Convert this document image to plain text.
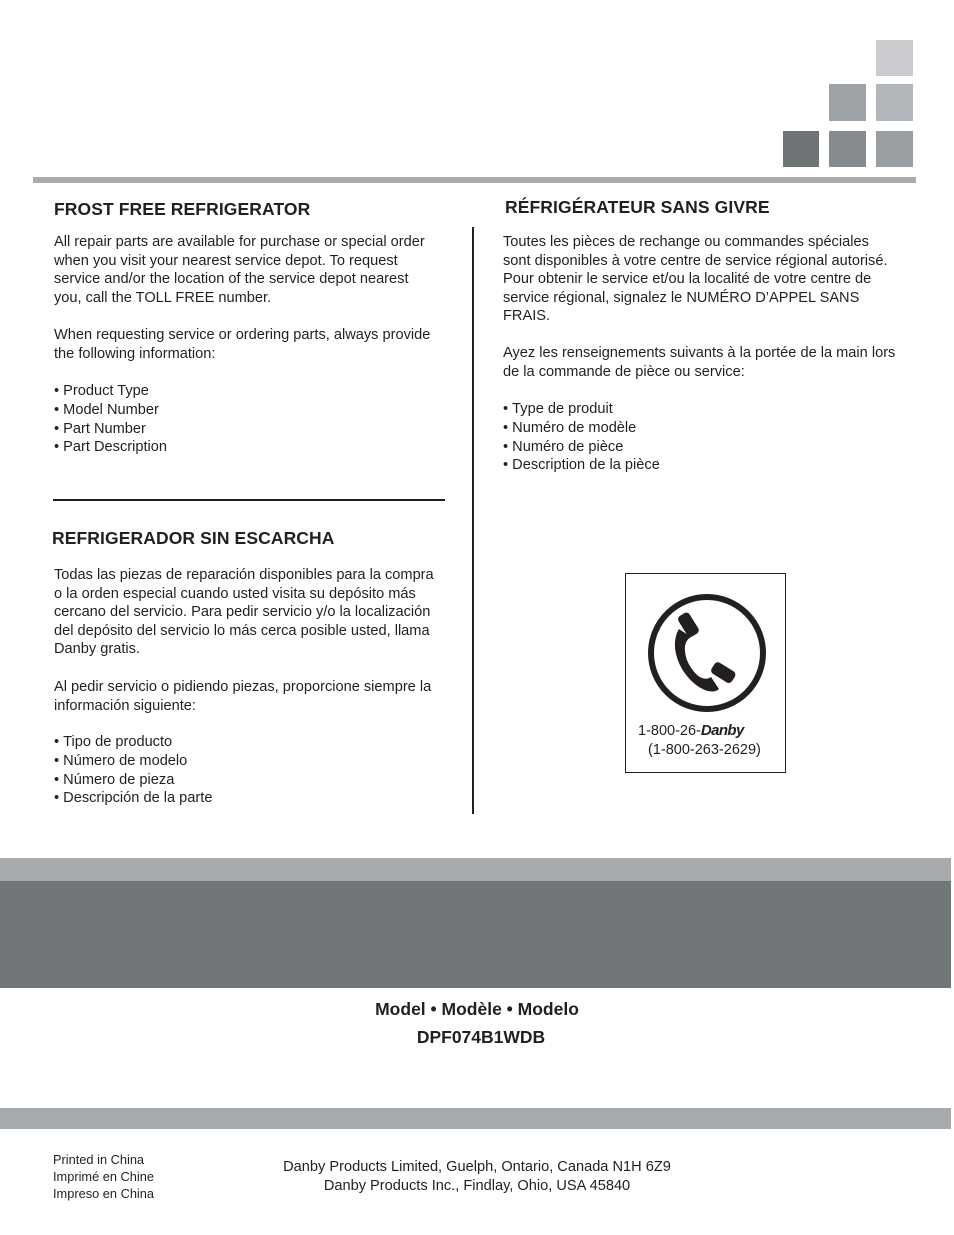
FROST FREE REFRIGERATOR
All repair parts are available for purchase or special order when you visit your nearest service depot. To request service and/or the location of the service depot nearest you, call the TOLL FREE number.
When requesting service or ordering parts, always provide the following information:
• Product Type
• Model Number
• Part Number
• Part Description
REFRIGERADOR SIN ESCARCHA
Todas las piezas de reparación disponibles para la compra o la orden especial cuando usted visita su depósito más cercano del servicio. Para pedir servicio y/o la localización del depósito del servicio lo más cerca posible usted, llama Danby gratis.
Al pedir servicio o pidiendo piezas, proporcione siempre la información siguiente:
• Tipo de producto
• Número de modelo
• Número de pieza
• Descripción de la parte
RÉFRIGÉRATEUR SANS GIVRE
Toutes les pièces de rechange ou commandes spéciales sont disponibles à votre centre de service régional autorisé. Pour obtenir le service et/ou la localité de votre centre de service régional, signalez le NUMÉRO D’APPEL SANS FRAIS.
Ayez les renseignements suivants à la portée de la main lors de la commande de pièce ou service:
• Type de produit
• Numéro de modèle
• Numéro de pièce
• Description de la pièce
1-800-26-Danby
(1-800-263-2629)
Model • Modèle • Modelo
DPF074B1WDB
Printed in China
Imprimé en Chine
Impreso en China
Danby Products Limited, Guelph, Ontario, Canada N1H 6Z9
Danby Products Inc., Findlay, Ohio, USA 45840
